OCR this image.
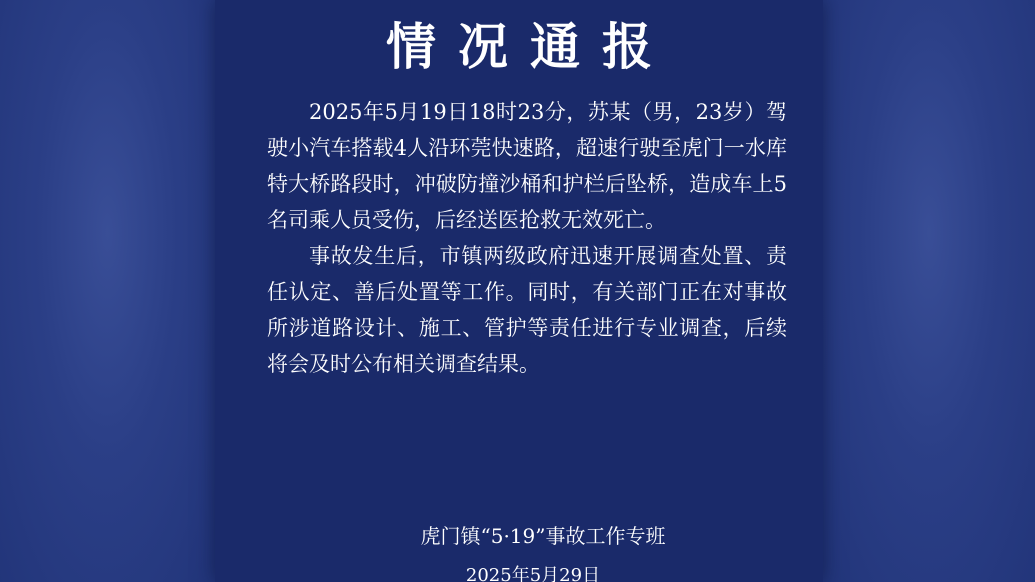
情况通报

2025年5月19日18时23分，苏某（男，23岁）驾驶小汽车搭载4人沿环莞快速路，超速行驶至虎门一水库特大桥路段时，冲破防撞沙桶和护栏后坠桥，造成车上5名司乘人员受伤，后经送医抢救无效死亡。

事故发生后，市镇两级政府迅速开展调查处置、责任认定、善后处置等工作。同时，有关部门正在对事故所涉道路设计、施工、管护等责任进行专业调查，后续将会及时公布相关调查结果。

虎门镇“5·19”事故工作专班
2025年5月29日
